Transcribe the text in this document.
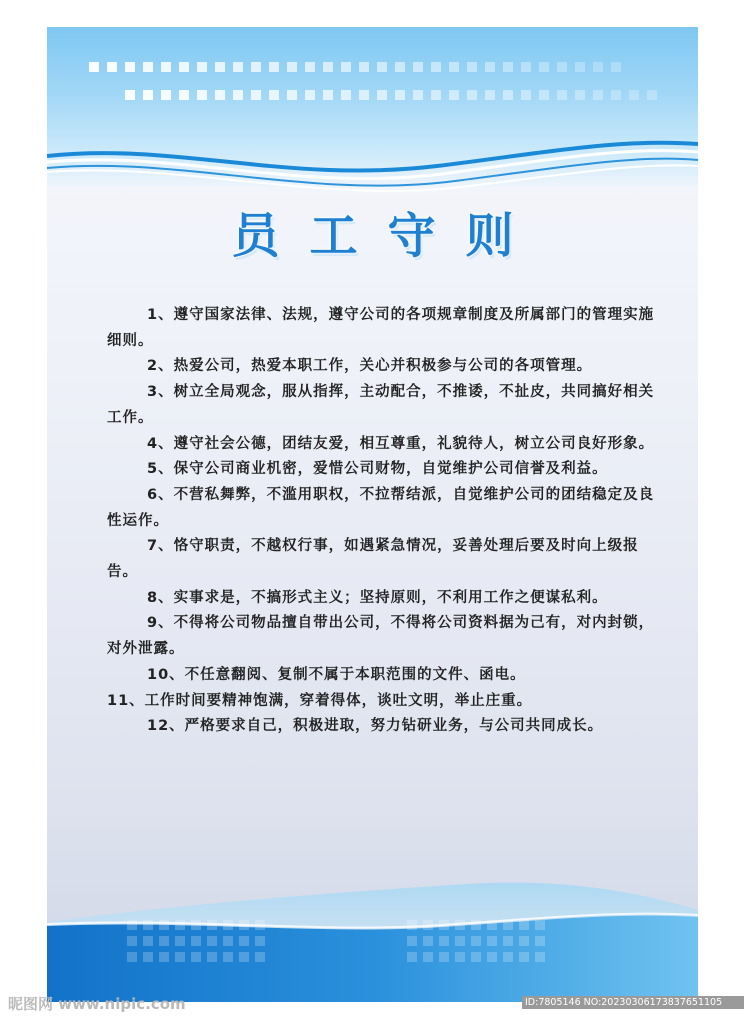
员工守则

1、遵守国家法律、法规，遵守公司的各项规章制度及所属部门的管理实施细则。

2、热爱公司，热爱本职工作，关心并积极参与公司的各项管理。

3、树立全局观念，服从指挥，主动配合，不推诿，不扯皮，共同搞好相关工作。

4、遵守社会公德，团结友爱，相互尊重，礼貌待人，树立公司良好形象。

5、保守公司商业机密，爱惜公司财物，自觉维护公司信誉及利益。

6、不营私舞弊，不滥用职权，不拉帮结派，自觉维护公司的团结稳定及良性运作。

7、恪守职责，不越权行事，如遇紧急情况，妥善处理后要及时向上级报告。

8、实事求是，不搞形式主义；坚持原则，不利用工作之便谋私利。

9、不得将公司物品擅自带出公司，不得将公司资料据为己有，对内封锁，对外泄露。

10、不任意翻阅、复制不属于本职范围的文件、函电。

11、工作时间要精神饱满，穿着得体，谈吐文明，举止庄重。

12、严格要求自己，积极进取，努力钻研业务，与公司共同成长。

昵图网 www.nipic.com	ID:7805146 NO:20230306173837651105
